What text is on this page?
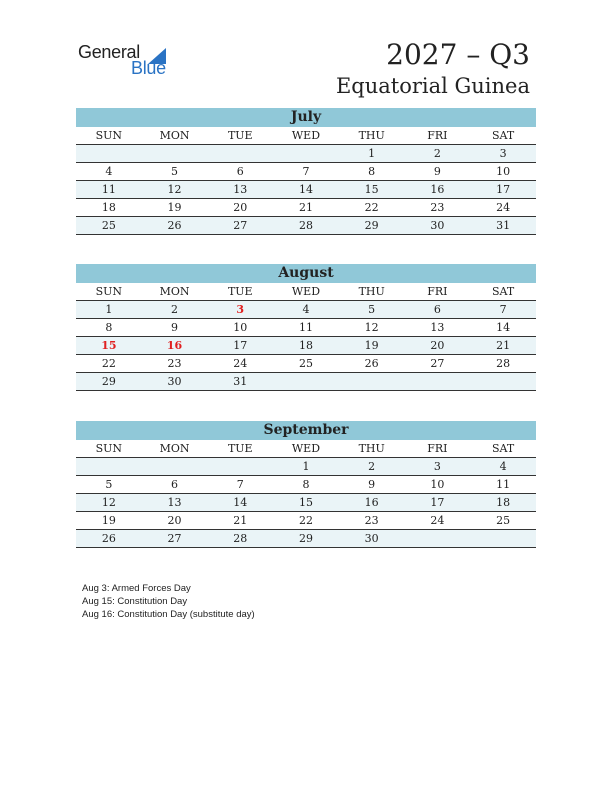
General
Blue	2027 – Q3
Equatorial Guinea
July
SUN	MON	TUE	WED	THU	FRI	SAT
				1	2	3
4	5	6	7	8	9	10
11	12	13	14	15	16	17
18	19	20	21	22	23	24
25	26	27	28	29	30	31
August
SUN	MON	TUE	WED	THU	FRI	SAT
1	2	3	4	5	6	7
8	9	10	11	12	13	14
15	16	17	18	19	20	21
22	23	24	25	26	27	28
29	30	31				
September
SUN	MON	TUE	WED	THU	FRI	SAT
			1	2	3	4
5	6	7	8	9	10	11
12	13	14	15	16	17	18
19	20	21	22	23	24	25
26	27	28	29	30		
Aug 3: Armed Forces Day
Aug 15: Constitution Day
Aug 16: Constitution Day (substitute day)
